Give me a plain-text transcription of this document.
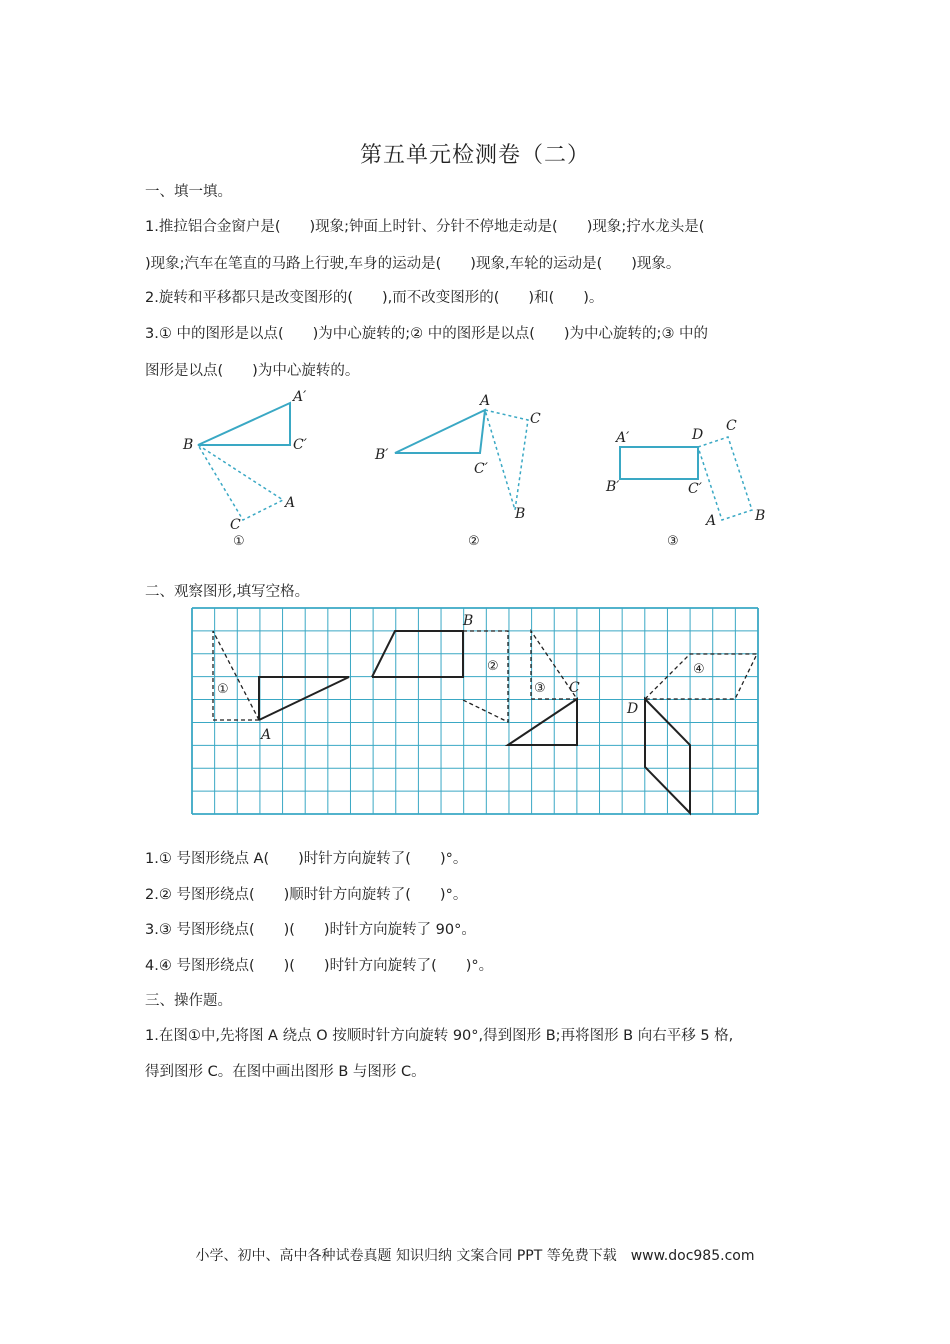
第五单元检测卷（二）
一、填一填。
1.推拉铝合金窗户是(　　)现象;钟面上时针、分针不停地走动是(　　)现象;拧水龙头是(
)现象;汽车在笔直的马路上行驶,车身的运动是(　　)现象,车轮的运动是(　　)现象。
2.旋转和平移都只是改变图形的(　　),而不改变图形的(　　)和(　　)。
3.① 中的图形是以点(　　)为中心旋转的;② 中的图形是以点(　　)为中心旋转的;③ 中的
图形是以点(　　)为中心旋转的。
A′
B	C′
A
C
①
A
C
B′
C′
B
②
A′	D
C
B′	C′
A	B
③
二、观察图形,填写空格。
B
②
①	③ C
④
A
D
1.① 号图形绕点 A(　　)时针方向旋转了(　　)°。
2.② 号图形绕点(　　)顺时针方向旋转了(　　)°。
3.③ 号图形绕点(　　)(　　)时针方向旋转了 90°。
4.④ 号图形绕点(　　)(　　)时针方向旋转了(　　)°。
三、操作题。
1.在图①中,先将图 A 绕点 O 按顺时针方向旋转 90°,得到图形 B;再将图形 B 向右平移 5 格,
得到图形 C。在图中画出图形 B 与图形 C。
小学、初中、高中各种试卷真题 知识归纳 文案合同 PPT 等免费下载　www.doc985.com
